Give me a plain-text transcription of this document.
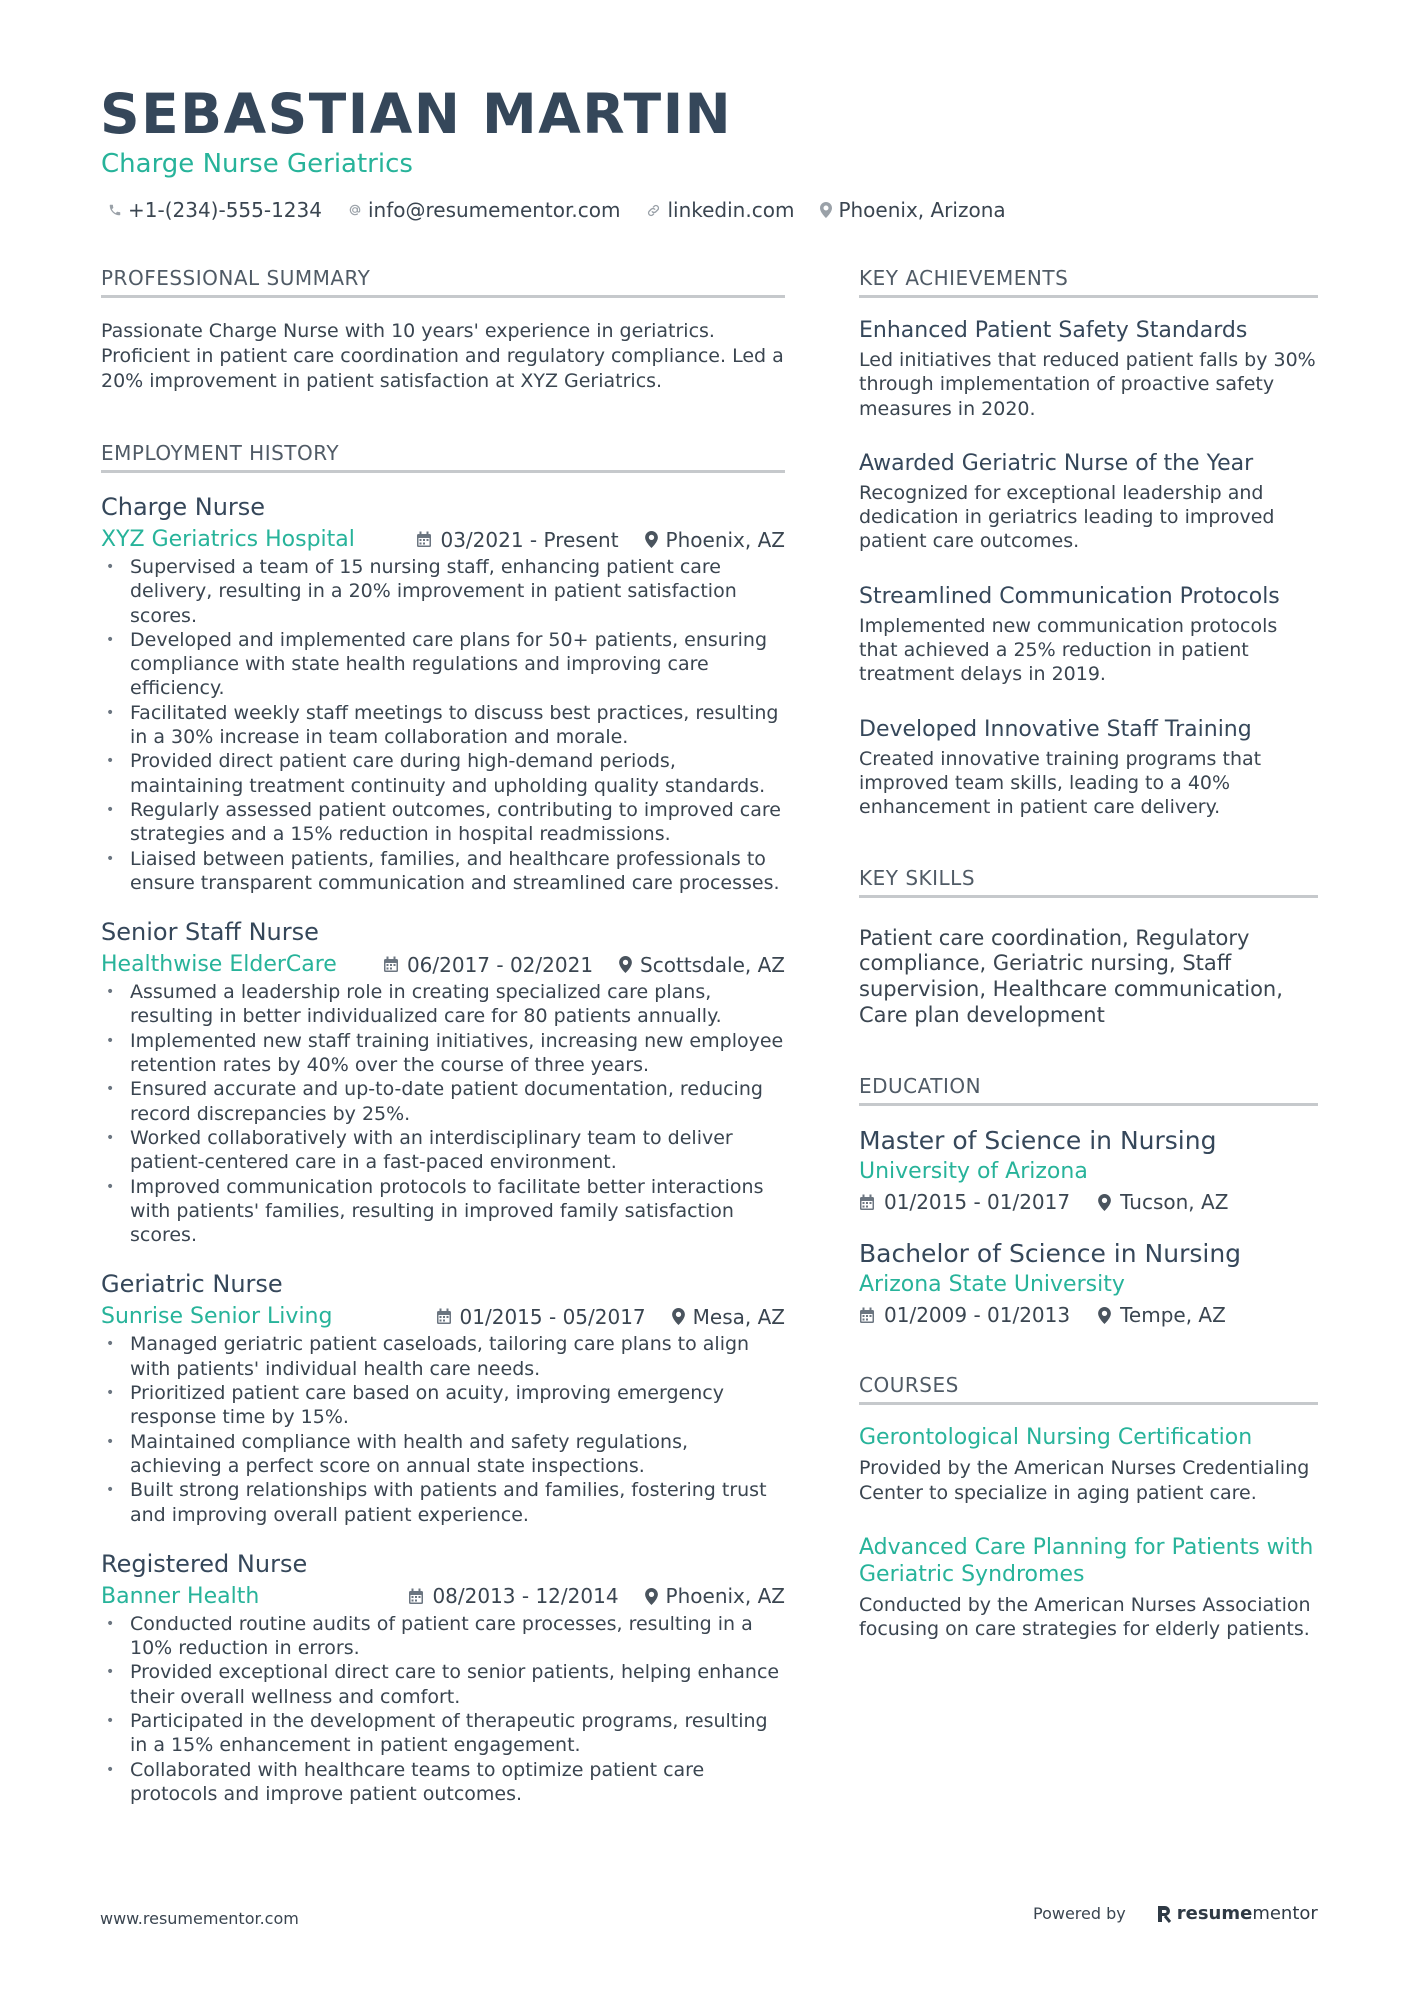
SEBASTIAN MARTIN
Charge Nurse Geriatrics
+1-(234)-555-1234 info@resumementor.com linkedin.com Phoenix, Arizona
PROFESSIONAL SUMMARY
Passionate Charge Nurse with 10 years' experience in geriatrics. Proficient in patient care coordination and regulatory compliance. Led a 20% improvement in patient satisfaction at XYZ Geriatrics.
EMPLOYMENT HISTORY
Charge Nurse
XYZ Geriatrics Hospital	03/2021 - Present Phoenix, AZ
• Supervised a team of 15 nursing staff, enhancing patient care delivery, resulting in a 20% improvement in patient satisfaction scores.
• Developed and implemented care plans for 50+ patients, ensuring compliance with state health regulations and improving care efficiency.
• Facilitated weekly staff meetings to discuss best practices, resulting in a 30% increase in team collaboration and morale.
• Provided direct patient care during high-demand periods, maintaining treatment continuity and upholding quality standards.
• Regularly assessed patient outcomes, contributing to improved care strategies and a 15% reduction in hospital readmissions.
• Liaised between patients, families, and healthcare professionals to ensure transparent communication and streamlined care processes.
Senior Staff Nurse
Healthwise ElderCare	06/2017 - 02/2021 Scottsdale, AZ
• Assumed a leadership role in creating specialized care plans, resulting in better individualized care for 80 patients annually.
• Implemented new staff training initiatives, increasing new employee retention rates by 40% over the course of three years.
• Ensured accurate and up-to-date patient documentation, reducing record discrepancies by 25%.
• Worked collaboratively with an interdisciplinary team to deliver patient-centered care in a fast-paced environment.
• Improved communication protocols to facilitate better interactions with patients' families, resulting in improved family satisfaction scores.
Geriatric Nurse
Sunrise Senior Living	01/2015 - 05/2017 Mesa, AZ
• Managed geriatric patient caseloads, tailoring care plans to align with patients' individual health care needs.
• Prioritized patient care based on acuity, improving emergency response time by 15%.
• Maintained compliance with health and safety regulations, achieving a perfect score on annual state inspections.
• Built strong relationships with patients and families, fostering trust and improving overall patient experience.
Registered Nurse
Banner Health	08/2013 - 12/2014 Phoenix, AZ
• Conducted routine audits of patient care processes, resulting in a 10% reduction in errors.
• Provided exceptional direct care to senior patients, helping enhance their overall wellness and comfort.
• Participated in the development of therapeutic programs, resulting in a 15% enhancement in patient engagement.
• Collaborated with healthcare teams to optimize patient care protocols and improve patient outcomes.
KEY ACHIEVEMENTS
Enhanced Patient Safety Standards
Led initiatives that reduced patient falls by 30% through implementation of proactive safety measures in 2020.
Awarded Geriatric Nurse of the Year
Recognized for exceptional leadership and dedication in geriatrics leading to improved patient care outcomes.
Streamlined Communication Protocols
Implemented new communication protocols that achieved a 25% reduction in patient treatment delays in 2019.
Developed Innovative Staff Training
Created innovative training programs that improved team skills, leading to a 40% enhancement in patient care delivery.
KEY SKILLS
Patient care coordination, Regulatory compliance, Geriatric nursing, Staff supervision, Healthcare communication, Care plan development
EDUCATION
Master of Science in Nursing
University of Arizona
01/2015 - 01/2017	Tucson, AZ
Bachelor of Science in Nursing
Arizona State University
01/2009 - 01/2013	Tempe, AZ
COURSES
Gerontological Nursing Certification
Provided by the American Nurses Credentialing Center to specialize in aging patient care.
Advanced Care Planning for Patients with Geriatric Syndromes
Conducted by the American Nurses Association focusing on care strategies for elderly patients.
www.resumementor.com	Powered by	resume mentor
